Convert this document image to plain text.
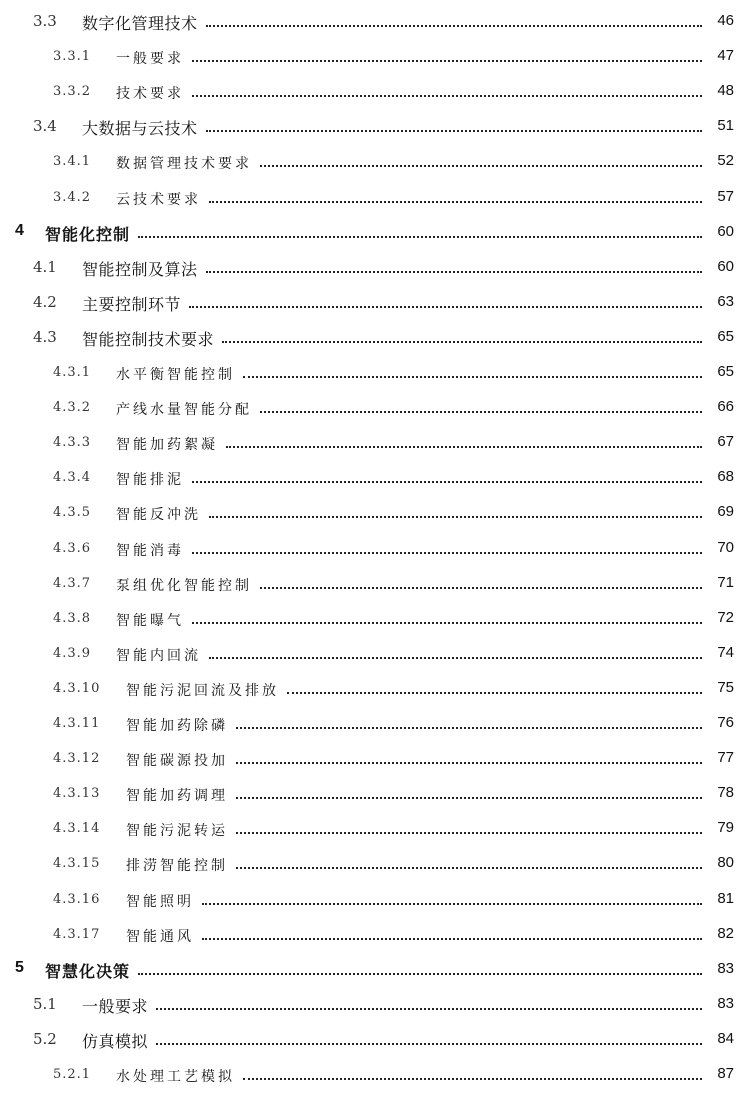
3.3 数字化管理技术	46
3.3.1 一般要求	47
3.3.2 技术要求	48
3.4 大数据与云技术	51
3.4.1 数据管理技术要求	52
3.4.2 云技术要求	57
4 智能化控制	60
4.1 智能控制及算法	60
4.2 主要控制环节	63
4.3 智能控制技术要求	65
4.3.1 水平衡智能控制	65
4.3.2 产线水量智能分配	66
4.3.3 智能加药絮凝	67
4.3.4 智能排泥	68
4.3.5 智能反冲洗	69
4.3.6 智能消毒	70
4.3.7 泵组优化智能控制	71
4.3.8 智能曝气	72
4.3.9 智能内回流	74
4.3.10 智能污泥回流及排放	75
4.3.11 智能加药除磷	76
4.3.12 智能碳源投加	77
4.3.13 智能加药调理	78
4.3.14 智能污泥转运	79
4.3.15 排涝智能控制	80
4.3.16 智能照明	81
4.3.17 智能通风	82
5 智慧化决策	83
5.1 一般要求	83
5.2 仿真模拟	84
5.2.1 水处理工艺模拟	87
